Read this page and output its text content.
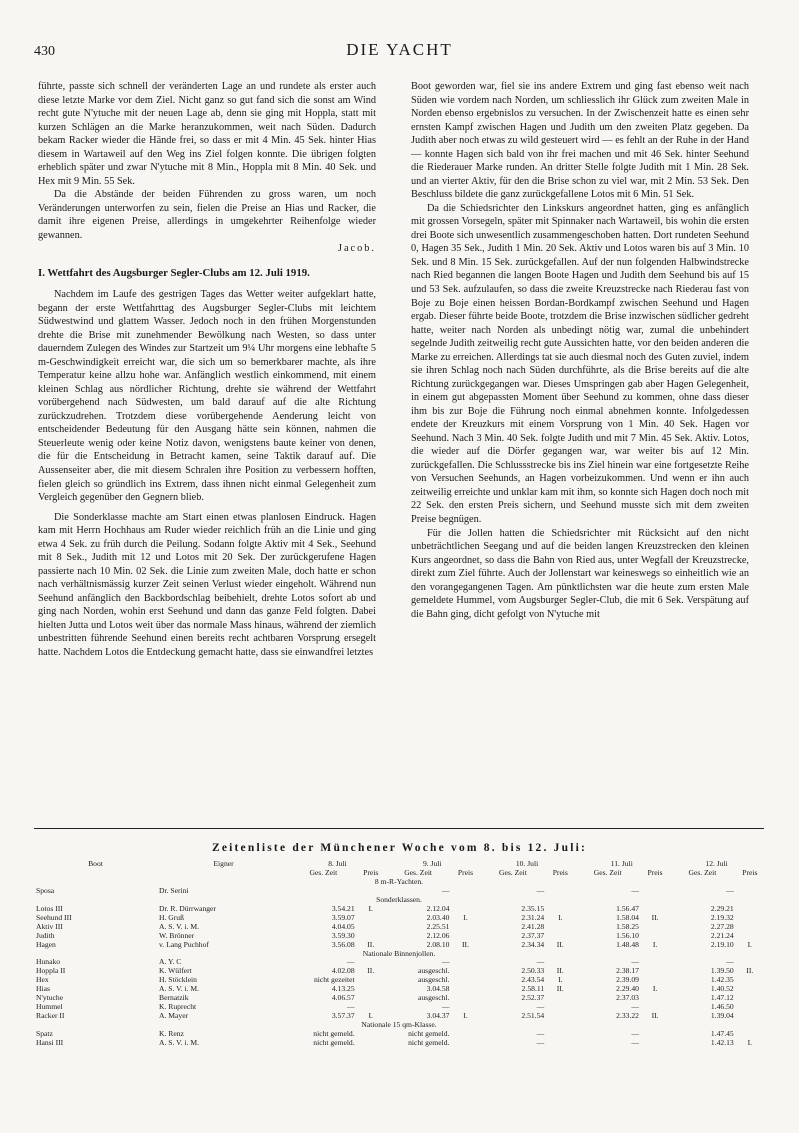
430	DIE YACHT

führte, passte sich schnell der veränderten Lage an und rundete als erster auch diese letzte Marke vor dem Ziel. Nicht ganz so gut fand sich die sonst am Wind recht gute N'ytuche mit der neuen Lage ab, denn sie ging mit Hoppla, statt mit kurzen Schlägen an die Marke heranzukommen, weit nach Süden. Dadurch bekam Racker wieder die Hände frei, so dass er mit 4 Min. 45 Sek. hinter Hias diesem in Wartaweil auf den Weg ins Ziel folgen konnte. Die übrigen folgten erheblich später und zwar N'ytuche mit 8 Min., Hoppla mit 8 Min. 40 Sek. und Hex mit 9 Min. 55 Sek.

Da die Abstände der beiden Führenden zu gross waren, um noch Veränderungen unterworfen zu sein, fielen die Preise an Hias und Racker, die damit ihre eigenen Preise, allerdings in umgekehrter Reihenfolge wieder gewannen.

Jacob.
I. Wettfahrt des Augsburger Segler-Clubs am 12. Juli 1919.

Nachdem im Laufe des gestrigen Tages das Wetter weiter aufgeklart hatte, begann der erste Wettfahrttag des Augsburger Segler-Clubs mit leichtem Südwestwind und glattem Wasser. Jedoch noch in den frühen Morgenstunden drehte die Brise mit zunehmender Bewölkung nach Westen, so dass unter dauerndem Zulegen des Windes zur Startzeit um 9¼ Uhr morgens eine lebhafte 5 m-Geschwindigkeit erreicht war, die sich um so bemerkbarer machte, als ihre Temperatur keine allzu hohe war. Anfänglich westlich einkommend, mit einem kleinen Schlag aus nördlicher Richtung, drehte sie während der Wettfahrt vorübergehend nach Südwesten, um bald darauf auf die alte Richtung zurückzudrehen. Trotzdem diese vorübergehende Aenderung leicht von entscheidender Bedeutung für den Ausgang hätte sein können, nahmen die Steuerleute wenig oder keine Notiz davon, wenigstens baute keiner von denen, die für die Entscheidung in Betracht kamen, seine Taktik darauf auf. Die Aussenseiter aber, die mit diesem Schralen ihre Position zu verbessern hofften, fielen gleich so gründlich ins Extrem, dass ihnen nicht einmal Gelegenheit zum Vergleich gegenüber den Gegnern blieb.

Die Sonderklasse machte am Start einen etwas planlosen Eindruck. Hagen kam mit Herrn Hochhaus am Ruder wieder reichlich früh an die Linie und ging etwa 4 Sek. zu früh durch die Peilung. Sodann folgte Aktiv mit 4 Sek., Seehund mit 8 Sek., Judith mit 12 und Lotos mit 20 Sek. Der zurückgerufene Hagen passierte nach 10 Min. 02 Sek. die Linie zum zweiten Male, doch hatte er schon nach verhältnismässig kurzer Zeit seinen Verlust wieder eingeholt. Während nun Seehund anfänglich den Backbordschlag beibehielt, drehte Lotos sofort ab und ging nach Norden, wohin erst Seehund und dann das ganze Feld folgten. Dabei hielten Jutta und Lotos weit über das normale Mass hinaus, während der ziemlich unbestritten führende Seehund einen bereits recht achtbaren Vorsprung ersegelt hatte. Nachdem Lotos die Entdeckung gemacht hatte, dass sie einwandfrei letztes

Boot geworden war, fiel sie ins andere Extrem und ging fast ebenso weit nach Süden wie vordem nach Norden, um schliesslich ihr Glück zum zweiten Male in Norden ebenso ergebnislos zu versuchen. In der Zwischenzeit hatte es einen sehr ernsten Kampf zwischen Hagen und Judith um den zweiten Platz gegeben. Da Judith aber noch etwas zu wild gesteuert wird — es fehlt an der Ruhe in der Hand — konnte Hagen sich bald von ihr frei machen und mit 46 Sek. hinter Seehund die Riederauer Marke runden. An dritter Stelle folgte Judith mit 1 Min. 28 Sek. und an vierter Aktiv, für den die Brise schon zu viel war, mit 2 Min. 53 Sek. Den Beschluss bildete die ganz zurückgefallene Lotos mit 6 Min. 51 Sek.

Da die Schiedsrichter den Linkskurs angeordnet hatten, ging es anfänglich mit grossen Vorsegeln, später mit Spinnaker nach Wartaweil, bis wohin die ersten drei Boote sich unwesentlich zusammengeschoben hatten. Dort rundeten Seehund 0, Hagen 35 Sek., Judith 1 Min. 20 Sek. Aktiv und Lotos waren bis auf 3 Min. 10 Sek. und 8 Min. 15 Sek. zurückgefallen. Auf der nun folgenden Halbwindstrecke nach Ried begannen die langen Boote Hagen und Judith dem Seehund bis auf 15 und 53 Sek. aufzulaufen, so dass die zweite Kreuzstrecke nach Riederau fast von Boje zu Boje einen heissen Bordan-Bordkampf zwischen Seehund und Hagen ergab. Dieser führte beide Boote, trotzdem die Brise inzwischen südlicher gedreht hatte, weiter nach Norden als unbedingt nötig war, zumal die unbehindert segelnde Judith zeitweilig recht gute Aussichten hatte, vor den beiden anderen die Marke zu erreichen. Allerdings tat sie auch diesmal noch des Guten zuviel, indem sie ihren Schlag noch nach Süden durchführte, als die Brise bereits auf die alte Richtung zurückgegangen war. Dieses Umspringen gab aber Hagen Gelegenheit, in einem gut abgepassten Moment über Seehund zu kommen, ohne dass dieser ihm bis zur Boje die Führung noch einmal abnehmen konnte. Infolgedessen endete der Kreuzkurs mit einem Vorsprung von 1 Min. 40 Sek. Hagen vor Seehund. Nach 3 Min. 40 Sek. folgte Judith und mit 7 Min. 45 Sek. Aktiv. Lotos, die wieder auf die Dörfer gegangen war, war weiter bis auf 12 Min. zurückgefallen. Die Schlussstrecke bis ins Ziel hinein war eine fortgesetzte Reihe von Versuchen Seehunds, an Hagen vorbeizukommen. Und wenn er ihn auch zeitweilig erreichte und unklar kam mit ihm, so konnte sich Hagen doch noch mit 22 Sek. den ersten Preis sichern, und Seehund musste sich mit dem zweiten Preise begnügen.

Für die Jollen hatten die Schiedsrichter mit Rücksicht auf den nicht unbeträchtlichen Seegang und auf die beiden langen Kreuzstrecken den kleinen Kurs angeordnet, so dass die Bahn von Ried aus, unter Wegfall der Kreuzstrecke, direkt zum Ziel führte. Auch der Jollenstart war keineswegs so einheitlich wie an den vorangegangenen Tagen. Am pünktlichsten war die heute zum ersten Male gemeldete Hummel, vom Augsburger Segler-Club, die mit 6 Sek. Verspätung auf die Bahn ging, dicht gefolgt von N'ytuche mit

Zeitenliste der Münchener Woche vom 8. bis 12. Juli:
Boot	Eigner	8. Juli		9. Juli		10. Juli		11. Juli		12. Juli	
		Ges. Zeit	Preis	Ges. Zeit	Preis	Ges. Zeit	Preis	Ges. Zeit	Preis	Ges. Zeit	Preis
8 m-R-Yachten.											
Sposa	Dr. Serini			—		—		—		—	
Sonderklassen.											
Lotos III	Dr. R. Dürrwanger	3.54.21	I.	2.12.04		2.35.15		1.56.47		2.29.21	
Seehund III	H. Gruß	3.59.07		2.03.40	I.	2.31.24	I.	1.58.04	II.	2.19.32	
Aktiv III	A. S. V. i. M.	4.04.05		2.25.51		2.41.28		1.58.25		2.27.28	
Judith	W. Brönner	3.59.30		2.12.06		2.37.37		1.56.10		2.21.24	
Hagen	v. Lang Puchhof	3.56.08	II.	2.08.10	II.	2.34.34	II.	1.48.48	I.	2.19.10	I.
Nationale Binnenjollen.											
Hunako	A. Y. C	—		—		—		—		—	
Hoppla II	K. Wülfert	4.02.08	II.	ausgeschl.		2.50.33	II.	2.38.17		1.39.50	II.
Hex	H. Stöcklein	nicht gezeitet		ausgeschl.		2.43.54	I.	2.39.09		1.42.35	
Hias	A. S. V. i. M.	4.13.25		3.04.58		2.58.11	II.	2.29.40	I.	1.40.52	
N'ytuche	Bernatzik	4.06.57		ausgeschl.		2.52.37		2.37.03		1.47.12	
Hummel	K. Ruprecht	—		—		—		—		1.46.50	
Racker II	A. Mayer	3.57.37	I.	3.04.37	I.	2.51.54		2.33.22	II.	1.39.04	
Nationale 15 qm-Klasse.											
Spatz	K. Renz	nicht gemeld.		nicht gemeld.		—		—		1.47.45	
Hansi III	A. S. V. i. M.	nicht gemeld.		nicht gemeld.		—		—		1.42.13	I.
